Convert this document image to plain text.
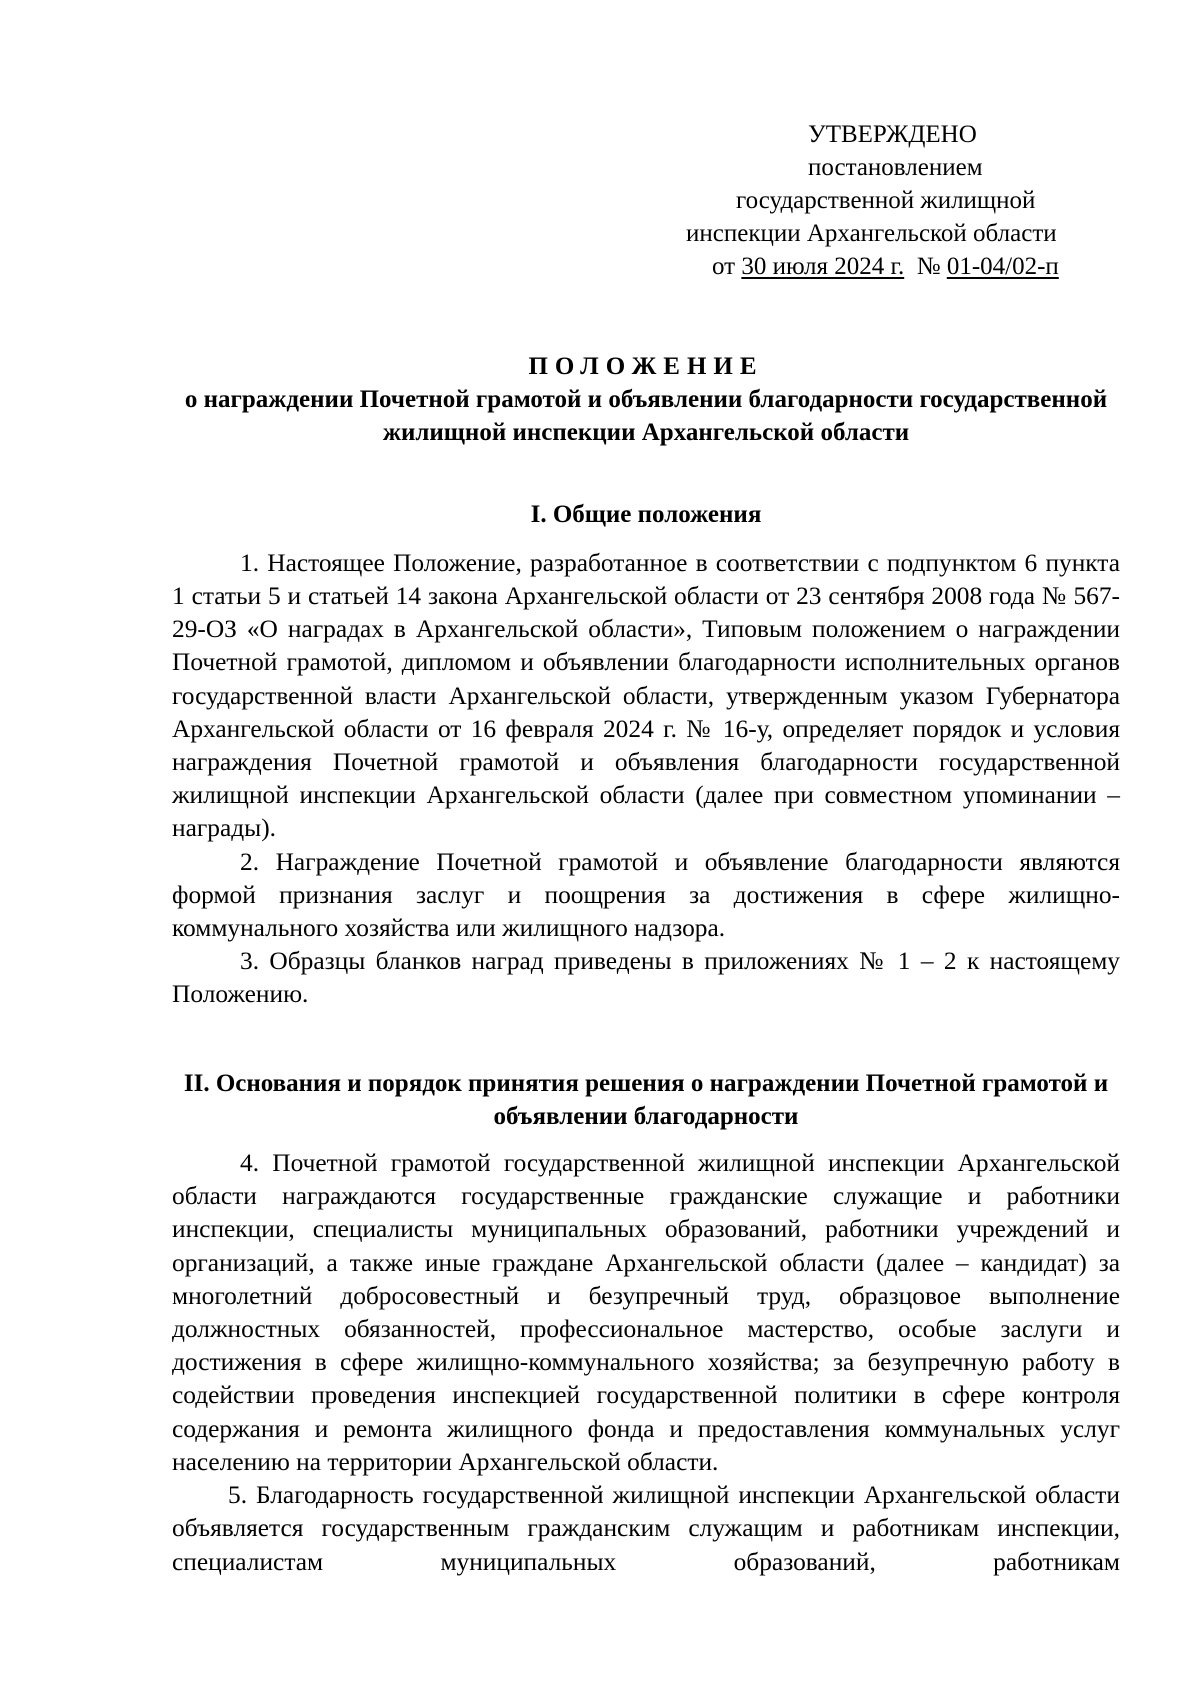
УТВЕРЖДЕНО
постановлением
государственной жилищной
инспекции Архангельской области
от 30 июля 2024 г. № 01-04/02-п
ПОЛОЖЕНИЕ
о награждении Почетной грамотой и объявлении благодарности государственной жилищной инспекции Архангельской области
I. Общие положения

1. Настоящее Положение, разработанное в соответствии с подпунктом 6 пункта 1 статьи 5 и статьей 14 закона Архангельской области от 23 сентября 2008 года № 567-29-ОЗ «О наградах в Архангельской области», Типовым положением о награждении Почетной грамотой, дипломом и объявлении благодарности исполнительных органов государственной власти Архангельской области, утвержденным указом Губернатора Архангельской области от 16 февраля 2024 г. № 16-у, определяет порядок и условия награждения Почетной грамотой и объявления благодарности государственной жилищной инспекции Архангельской области (далее при совместном упоминании – награды).

2. Награждение Почетной грамотой и объявление благодарности являются формой признания заслуг и поощрения за достижения в сфере жилищно-коммунального хозяйства или жилищного надзора.

3. Образцы бланков наград приведены в приложениях № 1 – 2 к настоящему Положению.

II. Основания и порядок принятия решения о награждении Почетной грамотой и объявлении благодарности

4. Почетной грамотой государственной жилищной инспекции Архангельской области награждаются государственные гражданские служащие и работники инспекции, специалисты муниципальных образований, работники учреждений и организаций, а также иные граждане Архангельской области (далее – кандидат) за многолетний добросовестный и безупречный труд, образцовое выполнение должностных обязанностей, профессиональное мастерство, особые заслуги и достижения в сфере жилищно-коммунального хозяйства; за безупречную работу в содействии проведения инспекцией государственной политики в сфере контроля содержания и ремонта жилищного фонда и предоставления коммунальных услуг населению на территории Архангельской области.

5. Благодарность государственной жилищной инспекции Архангельской области объявляется государственным гражданским служащим и работникам инспекции, специалистам муниципальных образований, работникам
